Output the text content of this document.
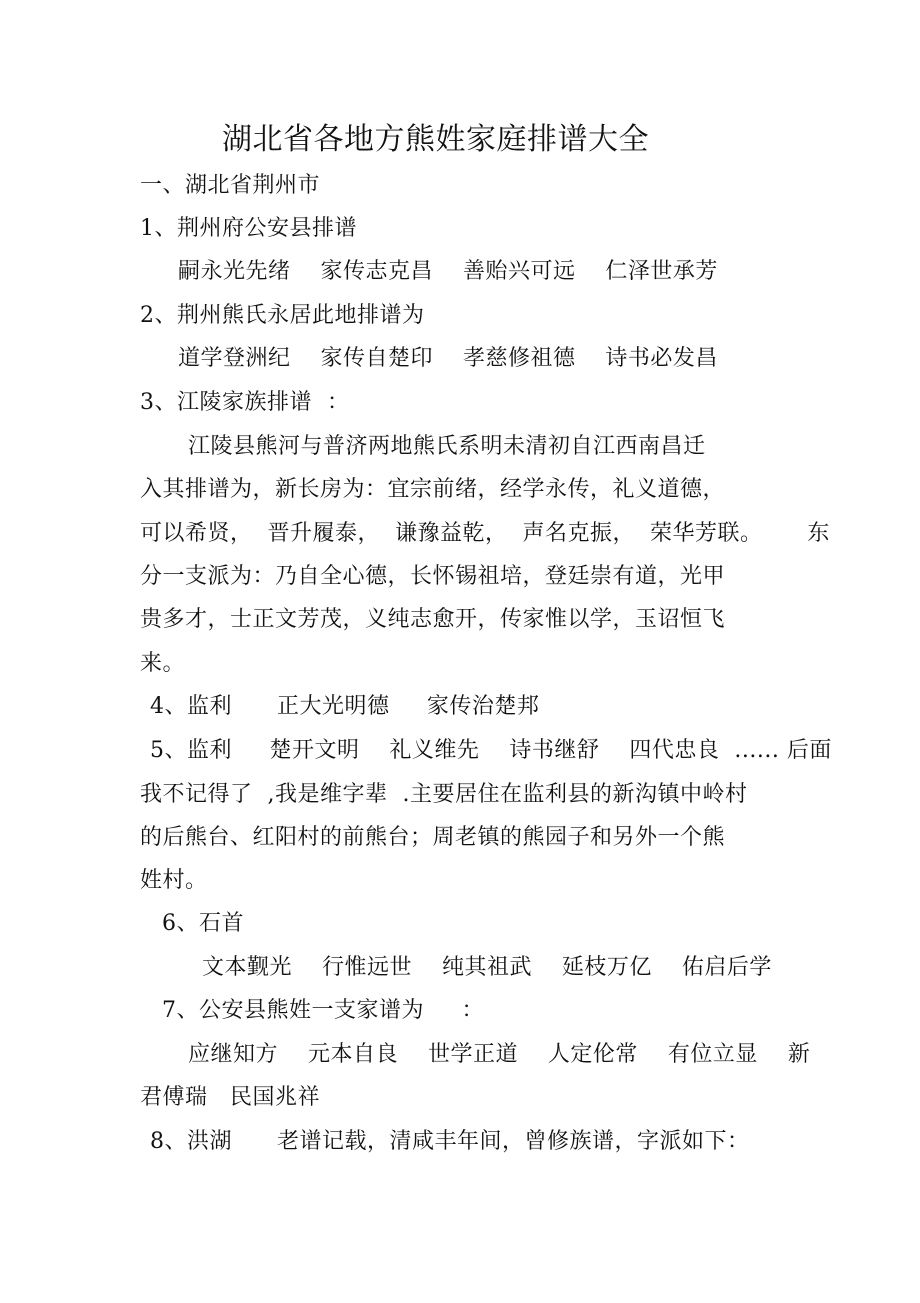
湖北省各地方熊姓家庭排谱大全

一、湖北省荆州市

1、荆州府公安县排谱

嗣永光先绪    家传志克昌    善贻兴可远    仁泽世承芳

2、荆州熊氏永居此地排谱为

道学登洲纪    家传自楚印    孝慈修祖德    诗书必发昌

3、江陵家族排谱  ：

江陵县熊河与普济两地熊氏系明未清初自江西南昌迁

入其排谱为，新长房为：宜宗前绪，经学永传，礼义道德，

可以希贤，  晋升履泰，  谦豫益乾，  声名克振，  荣华芳联。      东

分一支派为：乃自全心德，长怀锡祖培，登廷崇有道，光甲

贵多才，士正文芳茂，义纯志愈开，传家惟以学，玉诏恒飞

来。

4、监利      正大光明德     家传治楚邦

5、监利     楚开文明    礼义维先    诗书继舒    四代忠良  ...... 后面

我不记得了  ,我是维字辈  .主要居住在监利县的新沟镇中岭村

的后熊台、红阳村的前熊台；周老镇的熊园子和另外一个熊

姓村。

6、石首

文本觐光    行惟远世    纯其祖武    延枝万亿    佑启后学

7、公安县熊姓一支家谱为     ：

应继知方    元本自良    世学正道    人定伦常    有位立显    新

君傅瑞   民国兆祥

8、洪湖      老谱记载，清咸丰年间，曾修族谱，字派如下：
